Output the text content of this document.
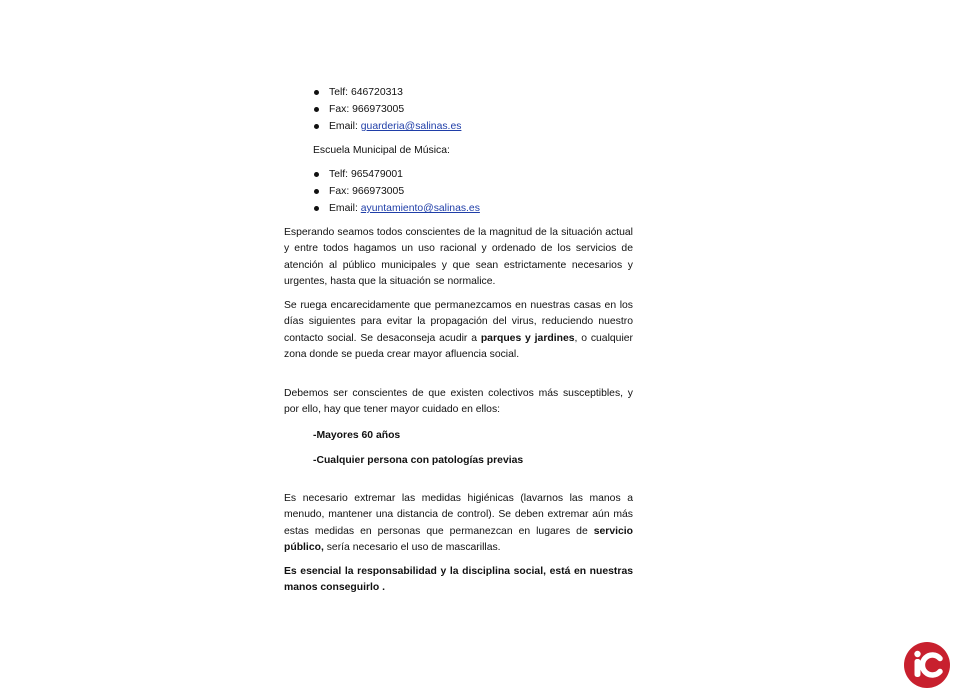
Telf: 646720313
Fax: 966973005
Email: guarderia@salinas.es
Escuela Municipal de Música:
Telf: 965479001
Fax: 966973005
Email: ayuntamiento@salinas.es

Esperando seamos todos conscientes de la magnitud de la situación actual y entre todos hagamos un uso racional y ordenado de los servicios de atención al público municipales y que sean estrictamente necesarios y urgentes, hasta que la situación se normalice.

Se ruega encarecidamente que permanezcamos en nuestras casas en los días siguientes para evitar la propagación del virus, reduciendo nuestro contacto social. Se desaconseja acudir a parques y jardines, o cualquier zona donde se pueda crear mayor afluencia social.

Debemos ser conscientes de que existen colectivos más susceptibles, y por ello, hay que tener mayor cuidado en ellos:

-Mayores 60 años
-Cualquier persona con patologías previas

Es necesario extremar las medidas higiénicas (lavarnos las manos a menudo, mantener una distancia de control). Se deben extremar aún más estas medidas en personas que permanezcan en lugares de servicio público, sería necesario el uso de mascarillas.

Es esencial la responsabilidad y la disciplina social, está en nuestras manos conseguirlo .
